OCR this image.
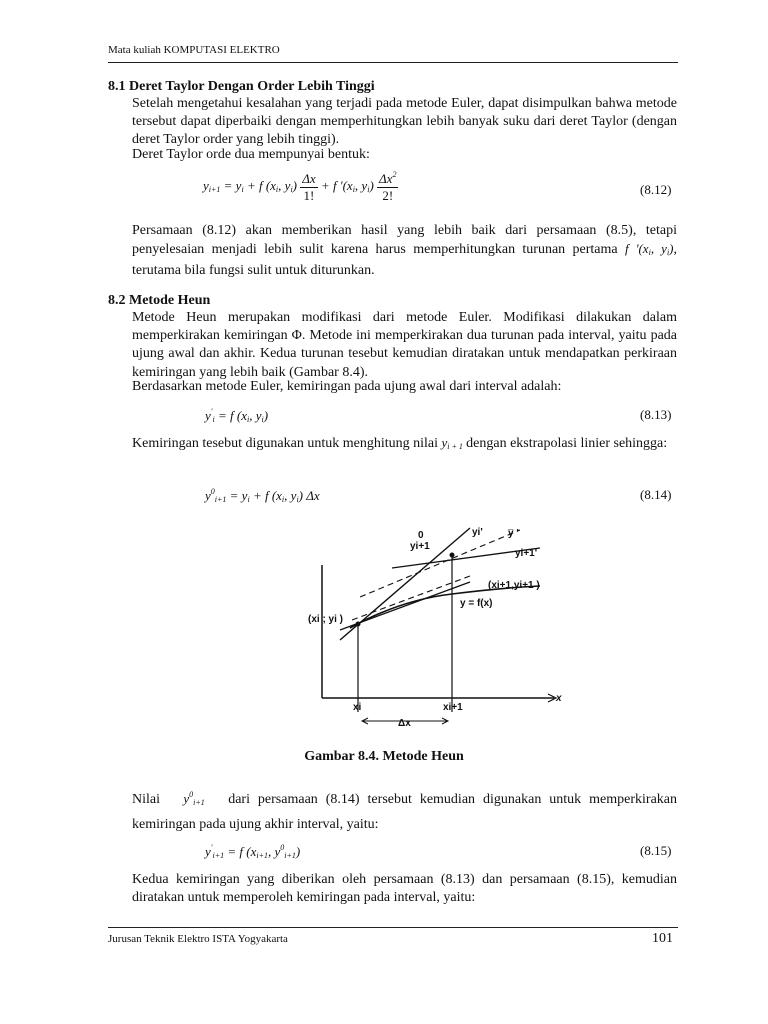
Mata kuliah KOMPUTASI ELEKTRO
8.1 Deret Taylor Dengan Order Lebih Tinggi
Setelah mengetahui kesalahan yang terjadi pada metode Euler, dapat disimpulkan bahwa metode tersebut dapat diperbaiki dengan memperhitungkan lebih banyak suku dari deret Taylor (dengan deret Taylor order yang lebih tinggi).
Deret Taylor orde dua mempunyai bentuk:
$y_{i+1} = y_i + f$ ($x_i$, $y_i) \frac{\Delta x}{1!} + f$ '($x_i$, $y_i) \frac{\Delta x^2}{2!}$	(8.12)
Persamaan (8.12) akan memberikan hasil yang lebih baik dari persamaan (8.5), tetapi penyelesaian menjadi lebih sulit karena harus memperhitungkan turunan pertama f '($x_i$, $y_i$), terutama bila fungsi sulit untuk diturunkan.
8.2 Metode Heun
Metode Heun merupakan modifikasi dari metode Euler. Modifikasi dilakukan dalam memperkirakan kemiringan Φ. Metode ini memperkirakan dua turunan pada interval, yaitu pada ujung awal dan akhir. Kedua turunan tesebut kemudian diratakan untuk mendapatkan perkiraan kemiringan yang lebih baik (Gambar 8.4).
Berdasarkan metode Euler, kemiringan pada ujung awal dari interval adalah:
$y'_i = f$ ($x_i$, $y_i$)	(8.13)
Kemiringan tesebut digunakan untuk menghitung nilai $y_{i + 1}$ dengan ekstrapolasi linier sehingga:
$y^0_{i+1} = y_i + f$ ($x_i$, $y_i$) Δx	(8.14)
0
yi+1
yi'	y̅ '
yi+1'
(xi+1,yi+1 )
y = f(x)
(xi ; yi )
x
xi	xi+1
Δx
Gambar 8.4. Metode Heun
Nilai   $y^0_{i+1}$ dari persamaan (8.14) tersebut kemudian digunakan untuk memperkirakan kemiringan pada ujung akhir interval, yaitu:
$y'_{i+1} = f$ ($x_{i+1}$, $y^0_{i+1}$)	(8.15)
Kedua kemiringan yang diberikan oleh persamaan (8.13) dan persamaan (8.15), kemudian diratakan untuk memperoleh kemiringan pada interval, yaitu:
Jurusan Teknik Elektro ISTA Yogyakarta	101
